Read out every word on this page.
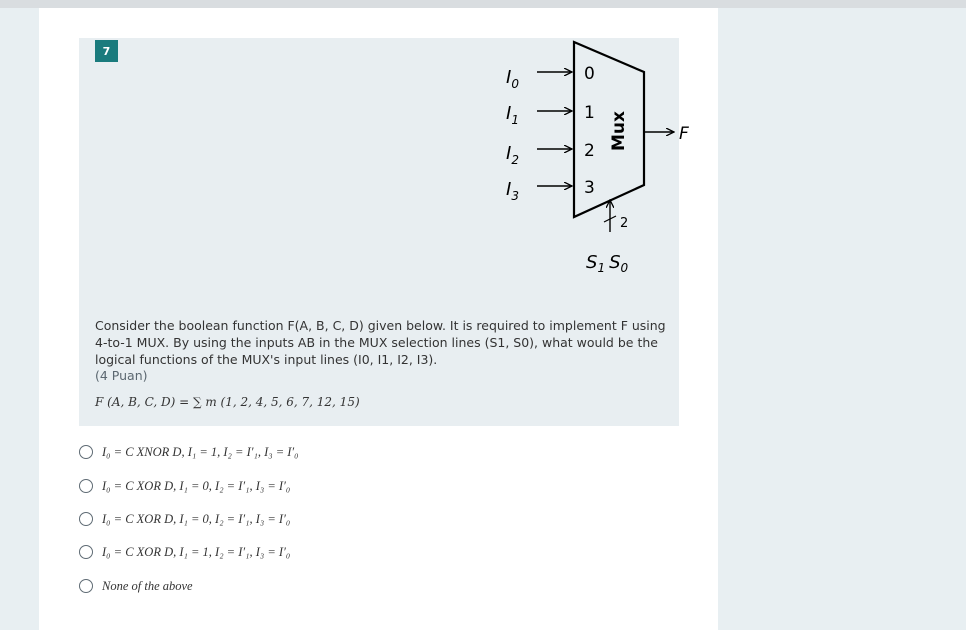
7
$I_0$
$I_1$
$I_2$
$I_3$
0
1
2
3
Mux	F
2
$S_1$ $S_0$
Consider the boolean function F(A, B, C, D) given below. It is required to implement F using 4-to-1 MUX. By using the inputs AB in the MUX selection lines (S1, S0), what would be the logical functions of the MUX's input lines (I0, I1, I2, I3).
(4 Puan)
F (A, B, C, D) = ∑ m (1, 2, 4, 5, 6, 7, 12, 15)
I₀ = C XNOR D, I₁ = 1, I₂ = I′₁, I₃ = I′₀
I₀ = C XOR D, I₁ = 0, I₂ = I′₁, I₃ = I′₀
I₀ = C XOR D, I₁ = 0, I₂ = I′₁, I₃ = I′₀
I₀ = C XOR D, I₁ = 1, I₂ = I′₁, I₃ = I′₀
None of the above
